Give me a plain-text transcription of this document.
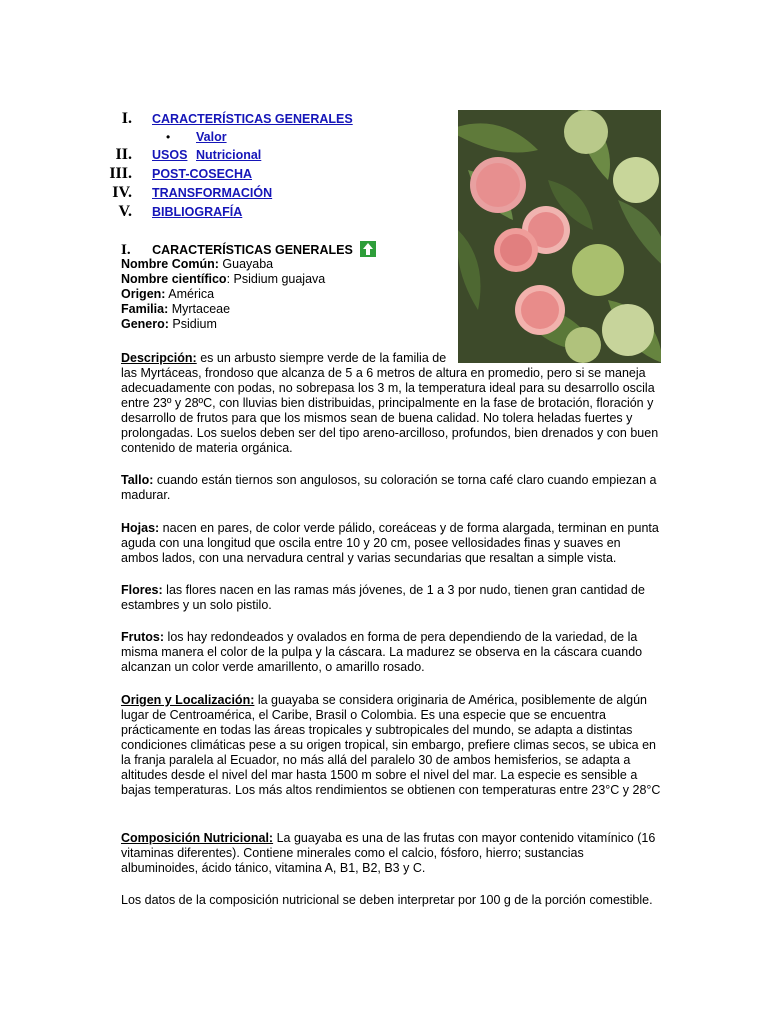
I. CARACTERÍSTICAS GENERALES
• Valor Nutricional
II. USOS
III. POST-COSECHA
IV. TRANSFORMACIÓN
V. BIBLIOGRAFÍA
I. CARACTERÍSTICAS GENERALES
Nombre Común: Guayaba
Nombre científico: Psidium guajava
Origen: América
Familia: Myrtaceae
Genero: Psidium
Descripción: es un arbusto siempre verde de la familia de

las Myrtáceas, frondoso que alcanza de 5 a 6 metros de altura en promedio, pero si se maneja adecuadamente con podas, no sobrepasa los 3 m, la temperatura ideal para su desarrollo oscila entre 23º y 28ºC, con lluvias bien distribuidas, principalmente en la fase de brotación, floración y desarrollo de frutos para que los mismos sean de buena calidad. No tolera heladas fuertes y prolongadas. Los suelos deben ser del tipo areno-arcilloso, profundos, bien drenados y con buen contenido de materia orgánica.

Tallo: cuando están tiernos son angulosos, su coloración se torna café claro cuando empiezan a madurar.

Hojas: nacen en pares, de color verde pálido, coreáceas y de forma alargada, terminan en punta aguda con una longitud que oscila entre 10 y 20 cm, posee vellosidades finas y suaves en ambos lados, con una nervadura central y varias secundarias que resaltan a simple vista.

Flores: las flores nacen en las ramas más jóvenes, de 1 a 3 por nudo, tienen gran cantidad de estambres y un solo pistilo.

Frutos: los hay redondeados y ovalados en forma de pera dependiendo de la variedad, de la misma manera el color de la pulpa y la cáscara. La madurez se observa en la cáscara cuando alcanzan un color verde amarillento, o amarillo rosado.

Origen y Localización: la guayaba se considera originaria de América, posiblemente de algún lugar de Centroamérica, el Caribe, Brasil o Colombia. Es una especie que se encuentra prácticamente en todas las áreas tropicales y subtropicales del mundo, se adapta a distintas condiciones climáticas pese a su origen tropical, sin embargo, prefiere climas secos, se ubica en la franja paralela al Ecuador, no más allá del paralelo 30 de ambos hemisferios, se adapta a altitudes desde el nivel del mar hasta 1500 m sobre el nivel del mar. La especie es sensible a bajas temperaturas. Los más altos rendimientos se obtienen con temperaturas entre 23°C y 28°C

Composición Nutricional: La guayaba es una de las frutas con mayor contenido vitamínico (16 vitaminas diferentes). Contiene minerales como el calcio, fósforo, hierro; sustancias albuminoides, ácido tánico, vitamina A, B1, B2, B3 y C.

Los datos de la composición nutricional se deben interpretar por 100 g de la porción comestible.
